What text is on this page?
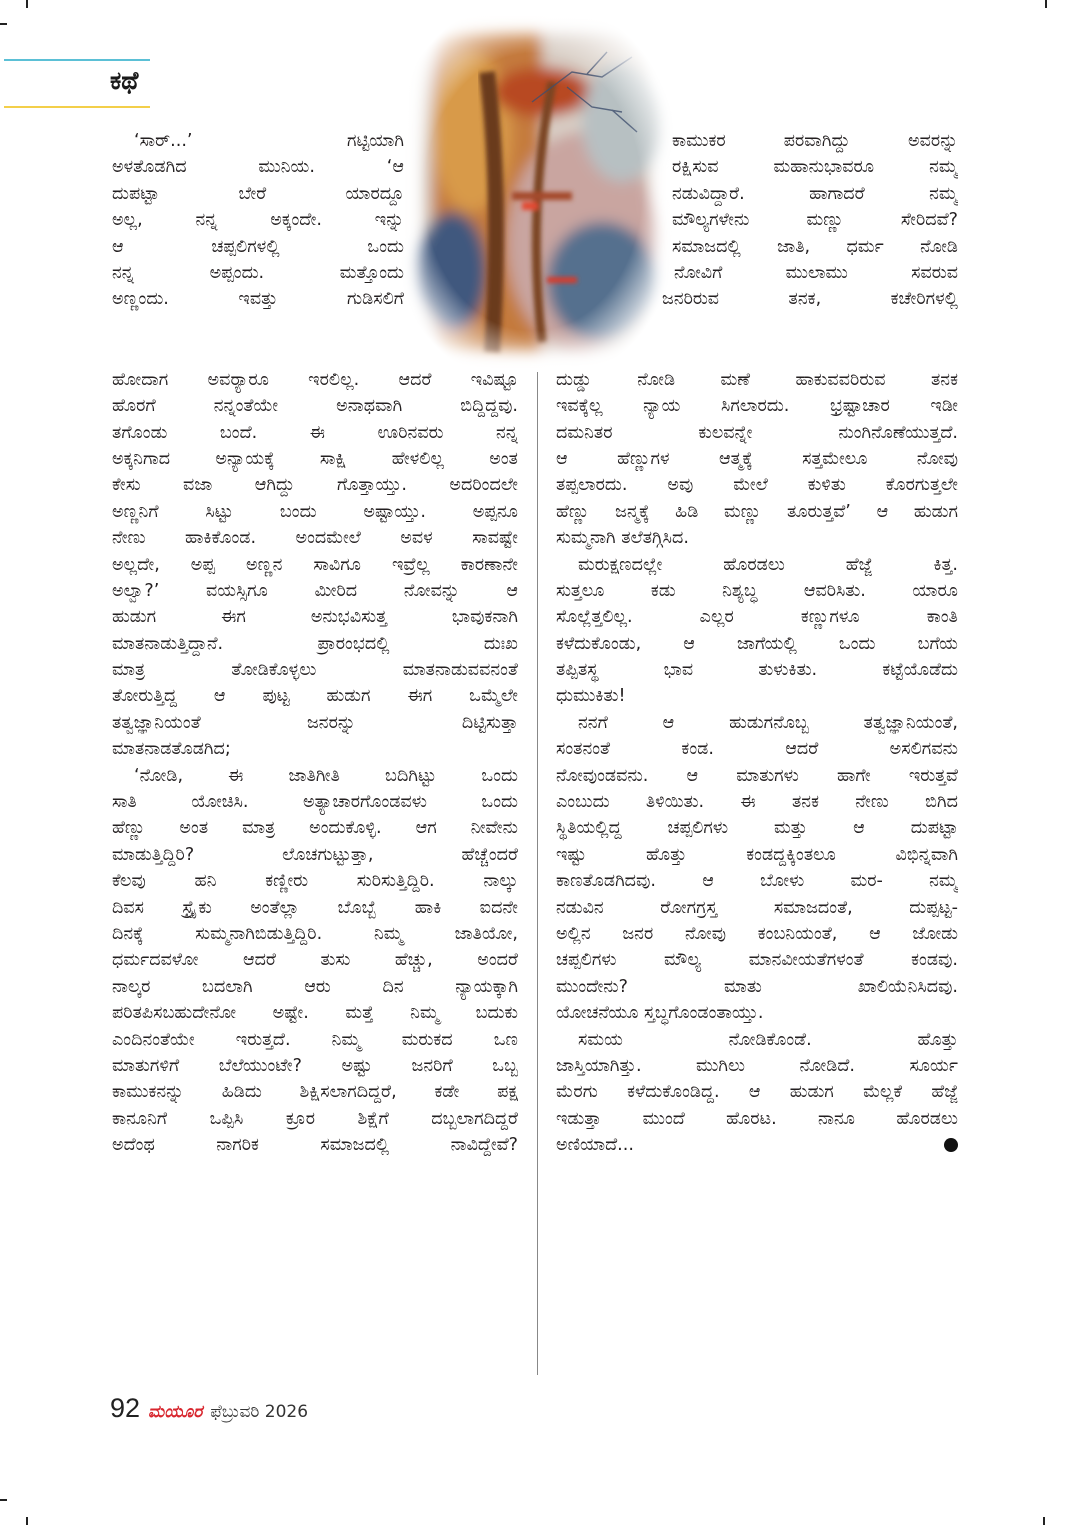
ಕಥೆ
‘ಸಾರ್...’ ಗಟ್ಟಿಯಾಗಿ
ಅಳತೊಡಗಿದ ಮುನಿಯ. ‘ಆ
ದುಪಟ್ಟಾ ಬೇರೆ ಯಾರದ್ದೂ
ಅಲ್ಲ, ನನ್ನ ಅಕ್ಕಂದೇ. ಇನ್ನು
ಆ ಚಪ್ಪಲಿಗಳಲ್ಲಿ ಒಂದು
ನನ್ನ ಅಪ್ಪಂದು. ಮತ್ತೊಂದು
ಅಣ್ಣಂದು. ಇವತ್ತು ಗುಡಿಸಲಿಗೆ
ಹೋದಾಗ ಅವರ್‍ಯಾರೂ ಇರಲಿಲ್ಲ. ಆದರೆ ಇವಿಷ್ಟೂ
ಹೊರಗೆ ನನ್ನಂತೆಯೇ ಅನಾಥವಾಗಿ ಬಿದ್ದಿದ್ದವು.
ತಗೊಂಡು ಬಂದೆ. ಈ ಊರಿನವರು ನನ್ನ
ಅಕ್ಕನಿಗಾದ ಅನ್ಯಾಯಕ್ಕೆ ಸಾಕ್ಷಿ ಹೇಳಲಿಲ್ಲ ಅಂತ
ಕೇಸು ವಜಾ ಆಗಿದ್ದು ಗೊತ್ತಾಯ್ತು. ಅದರಿಂದಲೇ
ಅಣ್ಣನಿಗೆ ಸಿಟ್ಟು ಬಂದು ಅಷ್ಟಾಯ್ತು. ಅಪ್ಪನೂ
ನೇಣು ಹಾಕಿಕೊಂಡ. ಅಂದಮೇಲೆ ಅವಳ ಸಾವಷ್ಟೇ
ಅಲ್ಲದೇ, ಅಪ್ಪ ಅಣ್ಣನ ಸಾವಿಗೂ ಇವ್ರೆಲ್ಲ ಕಾರಣಾನೇ
ಅಲ್ವಾ?’ ವಯಸ್ಸಿಗೂ ಮೀರಿದ ನೋವನ್ನು ಆ
ಹುಡುಗ ಈಗ ಅನುಭವಿಸುತ್ತ ಭಾವುಕನಾಗಿ
ಮಾತನಾಡುತ್ತಿದ್ದಾನೆ. ಪ್ರಾರಂಭದಲ್ಲಿ ದುಃಖ
ಮಾತ್ರ ತೋಡಿಕೊಳ್ಳಲು ಮಾತನಾಡುವವನಂತೆ
ತೋರುತ್ತಿದ್ದ ಆ ಪುಟ್ಟ ಹುಡುಗ ಈಗ ಒಮ್ಮೆಲೇ
ತತ್ವಜ್ಞಾನಿಯಂತೆ ಜನರನ್ನು ದಿಟ್ಟಿಸುತ್ತಾ
ಮಾತನಾಡತೊಡಗಿದ;
‘ನೋಡಿ, ಈ ಜಾತಿಗೀತಿ ಬದಿಗಿಟ್ಟು ಒಂದು
ಸಾತಿ ಯೋಚಿಸಿ. ಅತ್ಯಾಚಾರಗೊಂಡವಳು ಒಂದು
ಹೆಣ್ಣು ಅಂತ ಮಾತ್ರ ಅಂದುಕೊಳ್ಳಿ. ಆಗ ನೀವೇನು
ಮಾಡುತ್ತಿದ್ದಿರಿ? ಲೊಚಗುಟ್ಟುತ್ತಾ, ಹೆಚ್ಚೆಂದರೆ
ಕೆಲವು ಹನಿ ಕಣ್ಣೀರು ಸುರಿಸುತ್ತಿದ್ದಿರಿ. ನಾಲ್ಕು
ದಿವಸ ಸ್ಟ್ರೈಕು ಅಂತೆಲ್ಲಾ ಬೊಬ್ಬೆ ಹಾಕಿ ಐದನೇ
ದಿನಕ್ಕೆ ಸುಮ್ಮನಾಗಿಬಿಡುತ್ತಿದ್ದಿರಿ. ನಿಮ್ಮ ಜಾತಿಯೋ,
ಧರ್ಮದವಳೋ ಆದರೆ ತುಸು ಹೆಚ್ಚು, ಅಂದರೆ
ನಾಲ್ಕರ ಬದಲಾಗಿ ಆರು ದಿನ ನ್ಯಾಯಕ್ಕಾಗಿ
ಪರಿತಪಿಸಬಹುದೇನೋ ಅಷ್ಟೇ. ಮತ್ತೆ ನಿಮ್ಮ ಬದುಕು
ಎಂದಿನಂತೆಯೇ ಇರುತ್ತದೆ. ನಿಮ್ಮ ಮರುಕದ ಒಣ
ಮಾತುಗಳಿಗೆ ಬೆಲೆಯುಂಟೇ? ಅಷ್ಟು ಜನರಿಗೆ ಒಬ್ಬ
ಕಾಮುಕನನ್ನು ಹಿಡಿದು ಶಿಕ್ಷಿಸಲಾಗದಿದ್ದರೆ, ಕಡೇ ಪಕ್ಷ
ಕಾನೂನಿಗೆ ಒಪ್ಪಿಸಿ ಕ್ರೂರ ಶಿಕ್ಷೆಗೆ ದಬ್ಬಲಾಗದಿದ್ದರೆ
ಅದೆಂಥ ನಾಗರಿಕ ಸಮಾಜದಲ್ಲಿ ನಾವಿದ್ದೇವೆ?
ಕಾಮುಕರ ಪರವಾಗಿದ್ದು ಅವರನ್ನು
ರಕ್ಷಿಸುವ ಮಹಾನುಭಾವರೂ ನಮ್ಮ
ನಡುವಿದ್ದಾರೆ. ಹಾಗಾದರೆ ನಮ್ಮ
ಮೌಲ್ಯಗಳೇನು ಮಣ್ಣು ಸೇರಿದವೆ?
ಸಮಾಜದಲ್ಲಿ ಜಾತಿ, ಧರ್ಮ ನೋಡಿ
ನೋವಿಗೆ ಮುಲಾಮು ಸವರುವ
ಜನರಿರುವ ತನಕ, ಕಚೇರಿಗಳಲ್ಲಿ
ದುಡ್ಡು ನೋಡಿ ಮಣೆ ಹಾಕುವವರಿರುವ ತನಕ
ಇವಕ್ಕೆಲ್ಲ ನ್ಯಾಯ ಸಿಗಲಾರದು. ಭ್ರಷ್ಟಾಚಾರ ಇಡೀ
ದಮನಿತರ ಕುಲವನ್ನೇ ನುಂಗಿನೊಣೆಯುತ್ತದೆ.
ಆ ಹೆಣ್ಣುಗಳ ಆತ್ಮಕ್ಕೆ ಸತ್ತಮೇಲೂ ನೋವು
ತಪ್ಪಲಾರದು. ಅವು ಮೇಲೆ ಕುಳಿತು ಕೊರಗುತ್ತಲೇ
ಹೆಣ್ಣು ಜನ್ಮಕ್ಕೆ ಹಿಡಿ ಮಣ್ಣು ತೂರುತ್ತವೆ’ ಆ ಹುಡುಗ
ಸುಮ್ಮನಾಗಿ ತಲೆತಗ್ಗಿಸಿದ.
ಮರುಕ್ಷಣದಲ್ಲೇ ಹೊರಡಲು ಹೆಜ್ಜೆ ಕಿತ್ತ.
ಸುತ್ತಲೂ ಕಡು ನಿಶ್ಯಬ್ಧ ಆವರಿಸಿತು. ಯಾರೂ
ಸೊಲ್ಲೆತ್ತಲಿಲ್ಲ. ಎಲ್ಲರ ಕಣ್ಣುಗಳೂ ಕಾಂತಿ
ಕಳೆದುಕೊಂಡು, ಆ ಜಾಗೆಯಲ್ಲಿ ಒಂದು ಬಗೆಯ
ತಪ್ಪಿತಸ್ಥ ಭಾವ ತುಳುಕಿತು. ಕಟ್ಟೆಯೊಡೆದು
ಧುಮುಕಿತು!
ನನಗೆ ಆ ಹುಡುಗನೊಬ್ಬ ತತ್ವಜ್ಞಾನಿಯಂತೆ,
ಸಂತನಂತೆ ಕಂಡ. ಆದರೆ ಅಸಲಿಗವನು
ನೋವುಂಡವನು. ಆ ಮಾತುಗಳು ಹಾಗೇ ಇರುತ್ತವೆ
ಎಂಬುದು ತಿಳಿಯಿತು. ಈ ತನಕ ನೇಣು ಬಿಗಿದ
ಸ್ಥಿತಿಯಲ್ಲಿದ್ದ ಚಪ್ಪಲಿಗಳು ಮತ್ತು ಆ ದುಪಟ್ಟಾ
ಇಷ್ಟು ಹೊತ್ತು ಕಂಡದ್ದಕ್ಕಿಂತಲೂ ವಿಭಿನ್ನವಾಗಿ
ಕಾಣತೊಡಗಿದವು. ಆ ಬೋಳು ಮರ- ನಮ್ಮ
ನಡುವಿನ ರೋಗಗ್ರಸ್ತ ಸಮಾಜದಂತೆ, ದುಪ್ಪಟ್ಟ-
ಅಲ್ಲಿನ ಜನರ ನೋವು ಕಂಬನಿಯಂತೆ, ಆ ಜೋಡು
ಚಪ್ಪಲಿಗಳು ಮೌಲ್ಯ ಮಾನವೀಯತೆಗಳಂತೆ ಕಂಡವು.
ಮುಂದೇನು? ಮಾತು ಖಾಲಿಯೆನಿಸಿದವು.
ಯೋಚನೆಯೂ ಸ್ತಬ್ಧಗೊಂಡಂತಾಯ್ತು.
ಸಮಯ ನೋಡಿಕೊಂಡೆ. ಹೊತ್ತು
ಜಾಸ್ತಿಯಾಗಿತ್ತು. ಮುಗಿಲು ನೋಡಿದೆ. ಸೂರ್ಯ
ಮೆರಗು ಕಳೆದುಕೊಂಡಿದ್ದ. ಆ ಹುಡುಗ ಮೆಲ್ಲಕೆ ಹೆಜ್ಜೆ
ಇಡುತ್ತಾ ಮುಂದೆ ಹೊರಟ. ನಾನೂ ಹೊರಡಲು
ಅಣಿಯಾದೆ...
92 ಮಯೂರ ಫೆಬ್ರುವರಿ 2026
